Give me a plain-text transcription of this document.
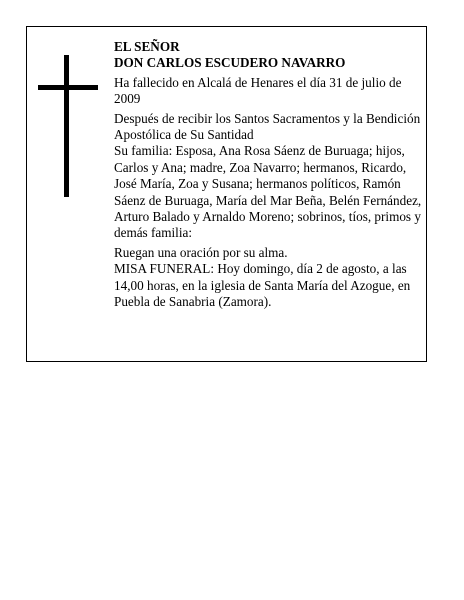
EL SEÑOR

DON CARLOS ESCUDERO NAVARRO

Ha fallecido en Alcalá de Henares el día 31 de julio de 2009

Después de recibir los Santos Sacramentos y la Bendición Apostólica de Su Santidad

Su familia: Esposa, Ana Rosa Sáenz de Buruaga; hijos, Carlos y Ana; madre, Zoa Navarro; hermanos, Ricardo, José María, Zoa y Susana; hermanos políticos, Ramón Sáenz de Buruaga, María del Mar Beña, Belén Fernández, Arturo Balado y Arnaldo Moreno; sobrinos, tíos, primos y demás familia:

Ruegan una oración por su alma.

MISA FUNERAL: Hoy domingo, día 2 de agosto, a las 14,00 horas, en la iglesia de Santa María del Azogue, en Puebla de Sanabria (Zamora).
